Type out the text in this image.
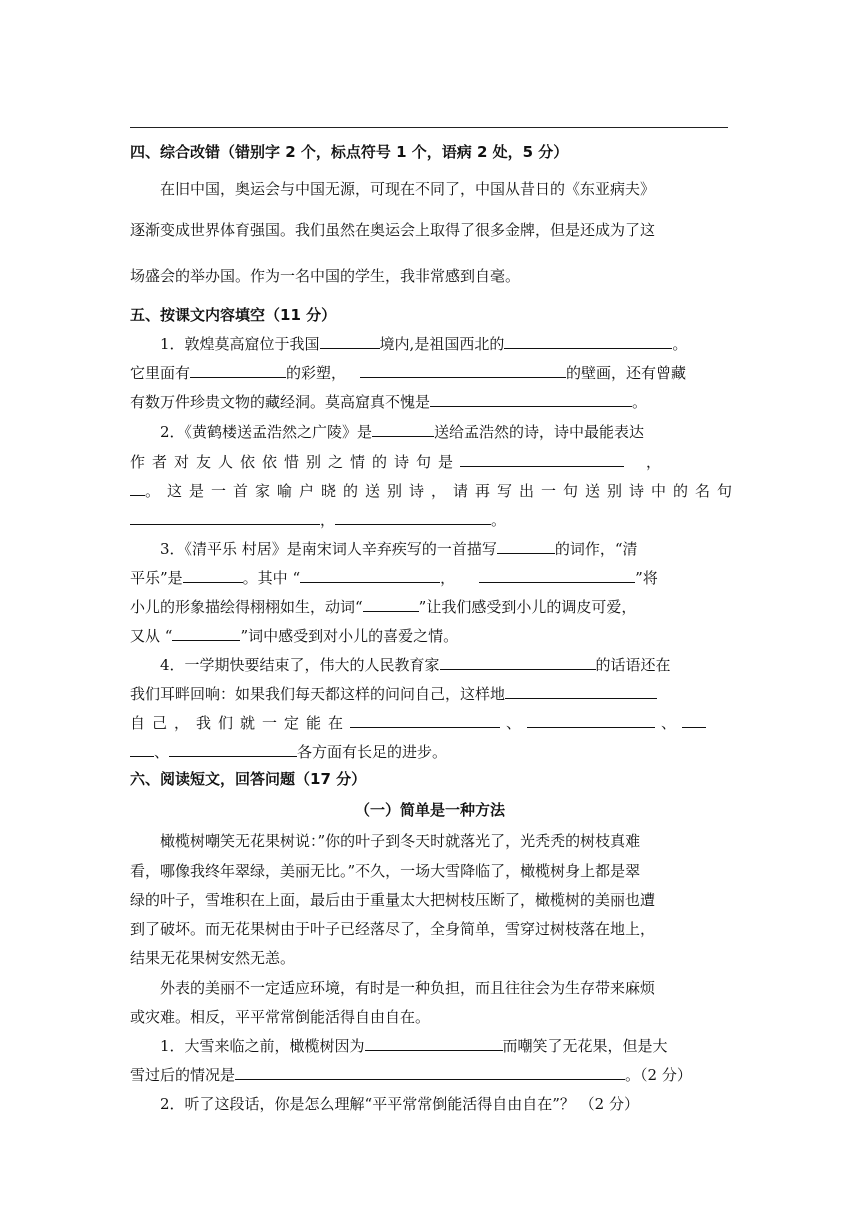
四、综合改错（错别字 2 个，标点符号 1 个，语病 2 处，5 分）
在旧中国，奥运会与中国无源，可现在不同了，中国从昔日的《东亚病夫》
逐渐变成世界体育强国。我们虽然在奥运会上取得了很多金牌，但是还成为了这
场盛会的举办国。作为一名中国的学生，我非常感到自毫。
五、按课文内容填空（11 分）
1．敦煌莫高窟位于我国	境内,是祖国西北的	。
它里面有	的彩塑，	的壁画，还有曾藏
有数万件珍贵文物的藏经洞。莫高窟真不愧是	。
2．《黄鹤楼送孟浩然之广陵》是	送给孟浩然的诗，诗中最能表达
作者对友人依依惜别之情的诗句是	，
。这是一首家喻户晓的送别诗，请再写出一句送别诗中的名句
，	。
3．《清平乐 村居》是南宋词人辛弃疾写的一首描写	的词作，“清
平乐”是	。其中 “	，	”将
小儿的形象描绘得栩栩如生，动词“	”让我们感受到小儿的调皮可爱，
又从 “	”词中感受到对小儿的喜爱之情。
4．一学期快要结束了，伟大的人民教育家	的话语还在
我们耳畔回响：如果我们每天都这样的问问自己，这样地
自己，我们就一定能在	、	、
、	各方面有长足的进步。
六、阅读短文，回答问题（17 分）
（一）简单是一种方法
橄榄树嘲笑无花果树说：”你的叶子到冬天时就落光了，光秃秃的树枝真难
看，哪像我终年翠绿，美丽无比。”不久，一场大雪降临了，橄榄树身上都是翠
绿的叶子，雪堆积在上面，最后由于重量太大把树枝压断了，橄榄树的美丽也遭
到了破坏。而无花果树由于叶子已经落尽了，全身简单，雪穿过树枝落在地上，
结果无花果树安然无恙。
外表的美丽不一定适应环境，有时是一种负担，而且往往会为生存带来麻烦
或灾难。相反，平平常常倒能活得自由自在。
1．大雪来临之前，橄榄树因为	而嘲笑了无花果，但是大
雪过后的情况是	。（2 分）
2．听了这段话，你是怎么理解“平平常常倒能活得自由自在”？ （2 分）
